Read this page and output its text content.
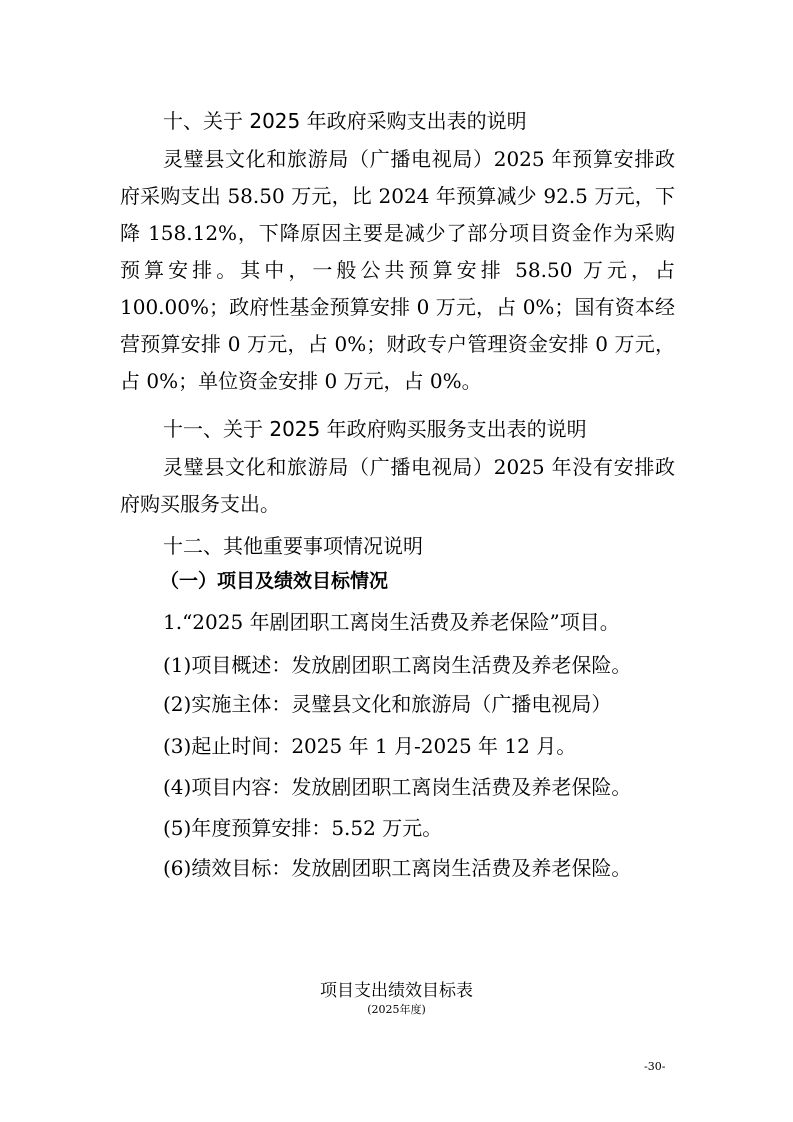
十、关于 2025 年政府采购支出表的说明
灵璧县文化和旅游局（广播电视局）2025 年预算安排政府采购支出 58.50 万元，比 2024 年预算减少 92.5 万元，下降 158.12%，下降原因主要是减少了部分项目资金作为采购预算安排。其中，一般公共预算安排 58.50 万元，占 100.00%；政府性基金预算安排 0 万元，占 0%；国有资本经营预算安排 0 万元，占 0%；财政专户管理资金安排 0 万元，占 0%；单位资金安排 0 万元，占 0%。
十一、关于 2025 年政府购买服务支出表的说明
灵璧县文化和旅游局（广播电视局）2025 年没有安排政府购买服务支出。
十二、其他重要事项情况说明
（一）项目及绩效目标情况
1.“2025 年剧团职工离岗生活费及养老保险”项目。
(1)项目概述：发放剧团职工离岗生活费及养老保险。
(2)实施主体：灵璧县文化和旅游局（广播电视局）
(3)起止时间：2025 年 1 月-2025 年 12 月。
(4)项目内容：发放剧团职工离岗生活费及养老保险。
(5)年度预算安排：5.52 万元。
(6)绩效目标：发放剧团职工离岗生活费及养老保险。
项目支出绩效目标表
(2025年度)
-30-
